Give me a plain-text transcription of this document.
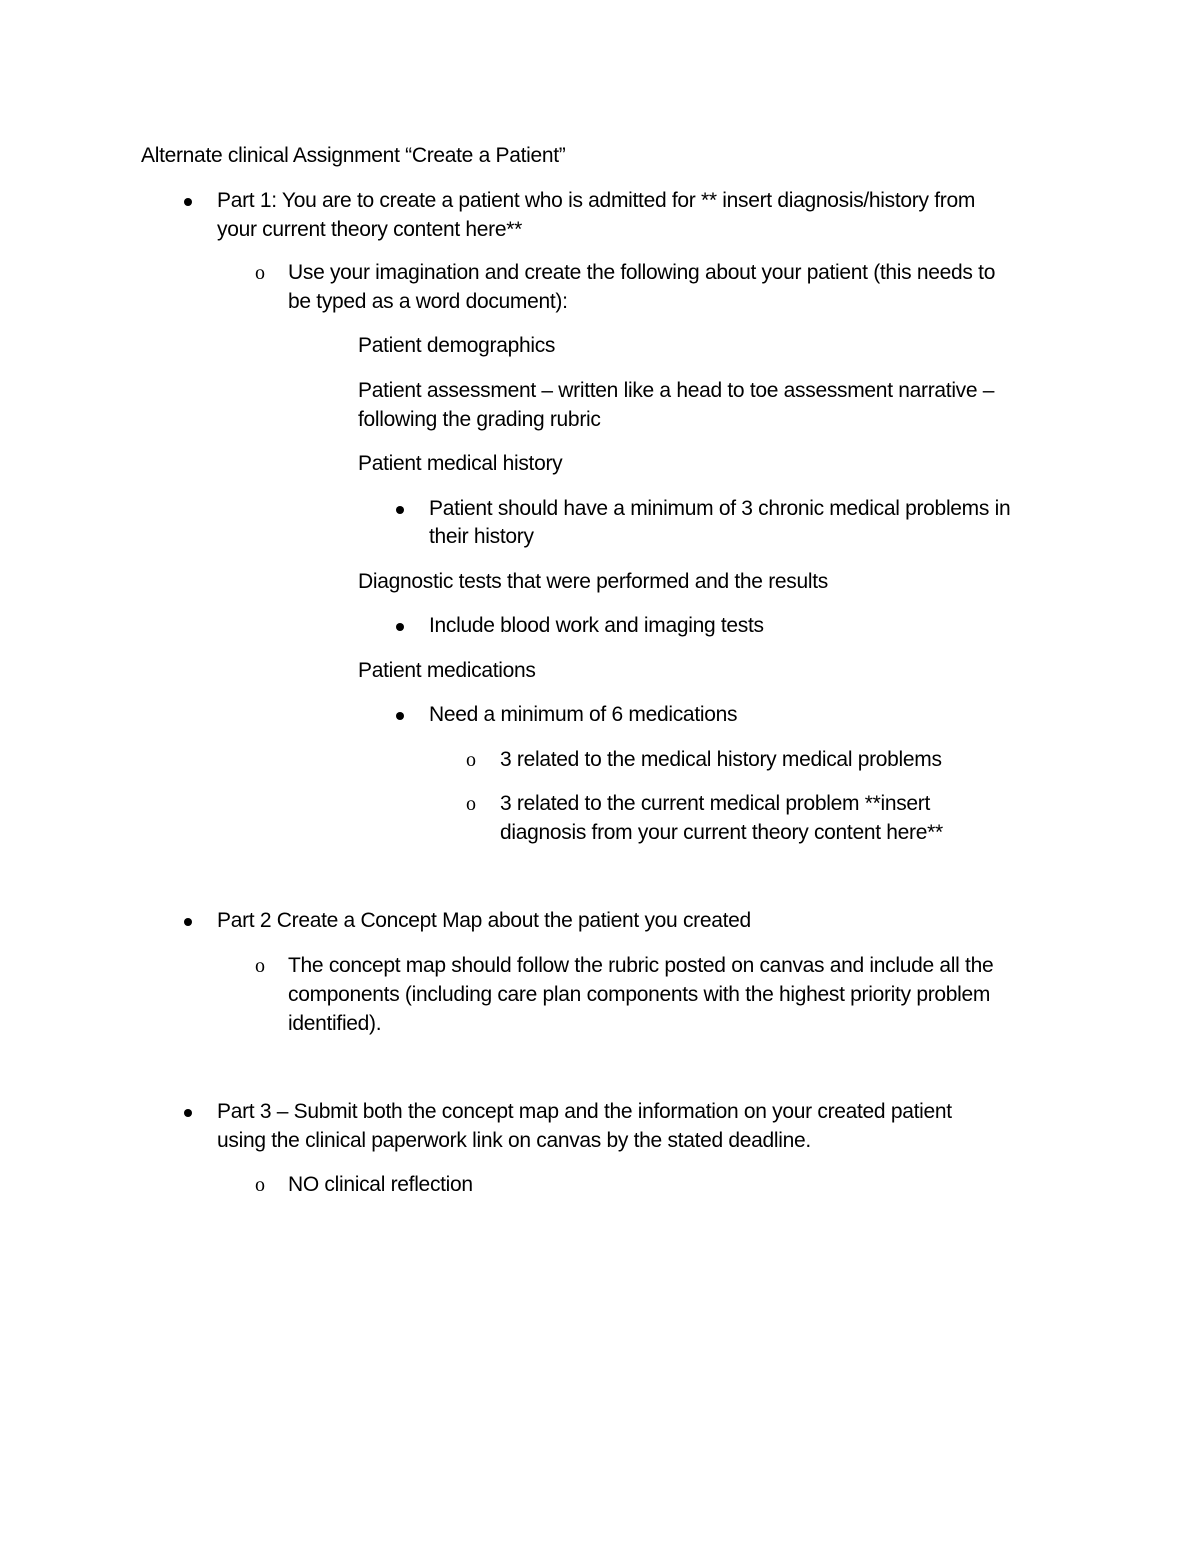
Alternate clinical Assignment “Create a Patient”
Part 1: You are to create a patient who is admitted for ** insert diagnosis/history from
your current theory content here**
o Use your imagination and create the following about your patient (this needs to
be typed as a word document):
Patient demographics
Patient assessment – written like a head to toe assessment narrative –
following the grading rubric
Patient medical history
Patient should have a minimum of 3 chronic medical problems in
their history
Diagnostic tests that were performed and the results
Include blood work and imaging tests
Patient medications
Need a minimum of 6 medications
o 3 related to the medical history medical problems
o 3 related to the current medical problem **insert
diagnosis from your current theory content here**
Part 2 Create a Concept Map about the patient you created
o The concept map should follow the rubric posted on canvas and include all the
components (including care plan components with the highest priority problem
identified).
Part 3 – Submit both the concept map and the information on your created patient
using the clinical paperwork link on canvas by the stated deadline.
o NO clinical reflection
